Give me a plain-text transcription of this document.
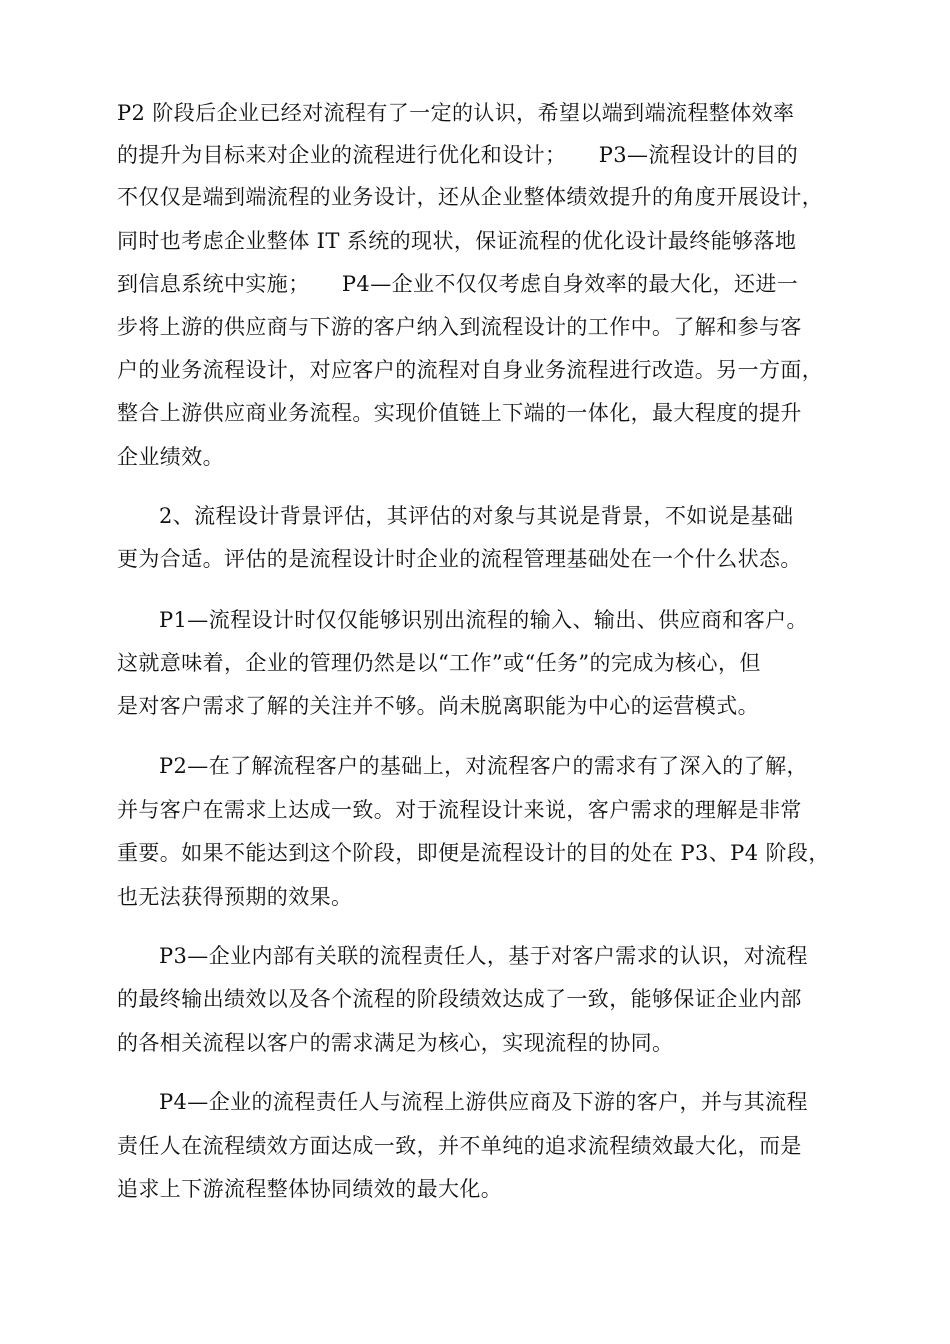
P2 阶段后企业已经对流程有了一定的认识，希望以端到端流程整体效率

的提升为目标来对企业的流程进行优化和设计；　　P3—流程设计的目的

不仅仅是端到端流程的业务设计，还从企业整体绩效提升的角度开展设计，

同时也考虑企业整体 IT 系统的现状，保证流程的优化设计最终能够落地

到信息系统中实施；　　P4—企业不仅仅考虑自身效率的最大化，还进一

步将上游的供应商与下游的客户纳入到流程设计的工作中。了解和参与客

户的业务流程设计，对应客户的流程对自身业务流程进行改造。另一方面，

整合上游供应商业务流程。实现价值链上下端的一体化，最大程度的提升

企业绩效。

2、流程设计背景评估，其评估的对象与其说是背景，不如说是基础

更为合适。评估的是流程设计时企业的流程管理基础处在一个什么状态。

P1—流程设计时仅仅能够识别出流程的输入、输出、供应商和客户。

这就意味着，企业的管理仍然是以“工作”或“任务”的完成为核心，但

是对客户需求了解的关注并不够。尚未脱离职能为中心的运营模式。

P2—在了解流程客户的基础上，对流程客户的需求有了深入的了解，

并与客户在需求上达成一致。对于流程设计来说，客户需求的理解是非常

重要。如果不能达到这个阶段，即便是流程设计的目的处在 P3、P4 阶段，

也无法获得预期的效果。

P3—企业内部有关联的流程责任人，基于对客户需求的认识，对流程

的最终输出绩效以及各个流程的阶段绩效达成了一致，能够保证企业内部

的各相关流程以客户的需求满足为核心，实现流程的协同。

P4—企业的流程责任人与流程上游供应商及下游的客户，并与其流程

责任人在流程绩效方面达成一致，并不单纯的追求流程绩效最大化，而是

追求上下游流程整体协同绩效的最大化。
